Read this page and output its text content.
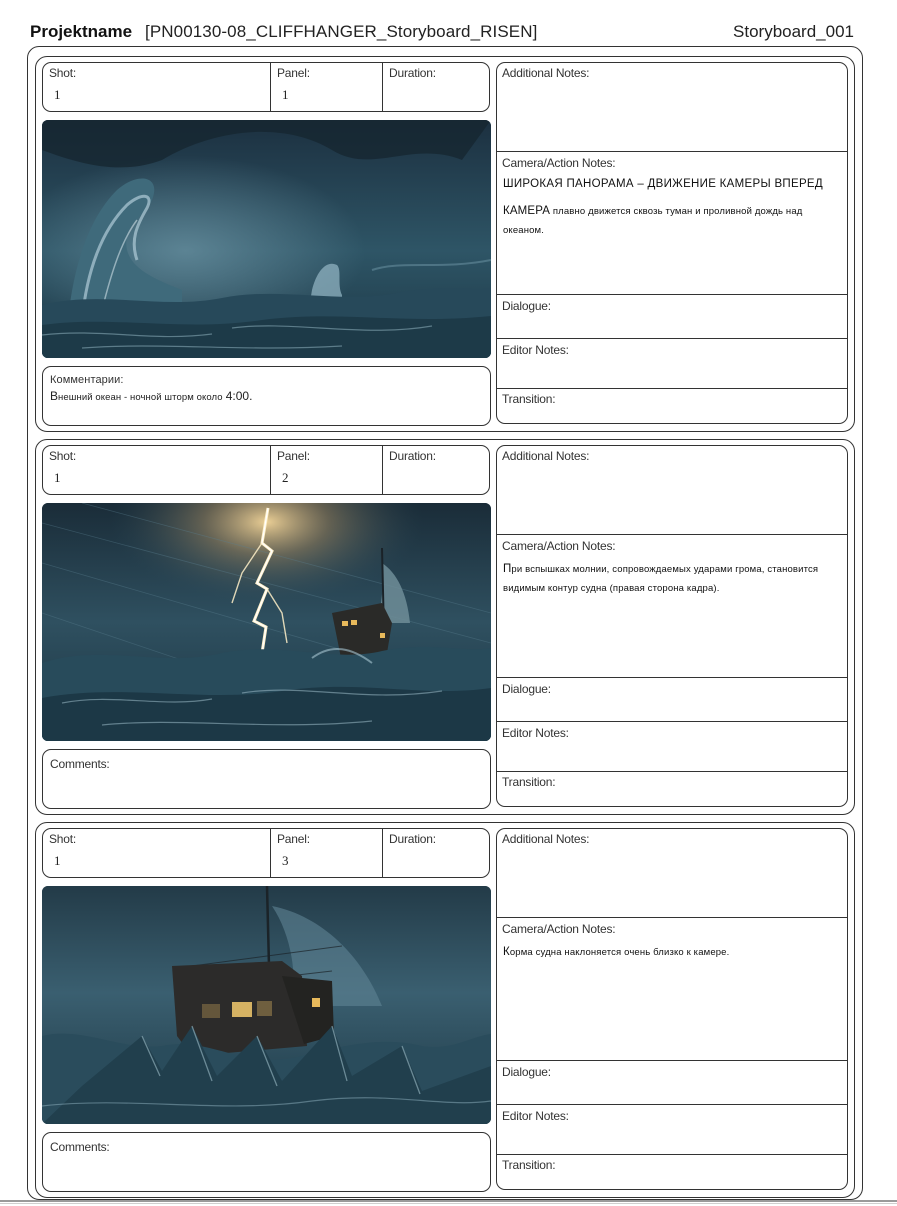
Projektname [PN00130-08_CLIFFHANGER_Storyboard_RISEN]	Storyboard_001
Shot:
1
Panel:
1
Duration:
Комментарии:
Внешний океан - ночной шторм около 4:00.
Additional Notes:
Camera/Action Notes:
ШИРОКАЯ ПАНОРАМА – ДВИЖЕНИЕ КАМЕРЫ ВПЕРЕД
КАМЕРА плавно движется сквозь туман и проливной дождь над океаном.
Dialogue:
Editor Notes:
Transition:
Shot:
1
Panel:
2
Duration:
Comments:
Additional Notes:
Camera/Action Notes:
При вспышках молнии, сопровождаемых ударами грома, становится видимым контур судна (правая сторона кадра).
Dialogue:
Editor Notes:
Transition:
Shot:
1
Panel:
3
Duration:
Comments:
Additional Notes:
Camera/Action Notes:
Корма судна наклоняется очень близко к камере.
Dialogue:
Editor Notes:
Transition:
